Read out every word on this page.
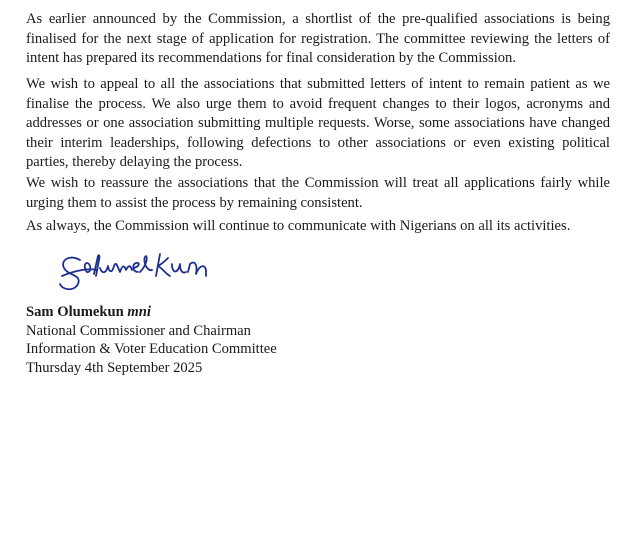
As earlier announced by the Commission, a shortlist of the pre-qualified associations is being finalised for the next stage of application for registration. The committee reviewing the letters of intent has prepared its recommendations for final consideration by the Commission.

We wish to appeal to all the associations that submitted letters of intent to remain patient as we finalise the process. We also urge them to avoid frequent changes to their logos, acronyms and addresses or one association submitting multiple requests. Worse, some associations have changed their interim leaderships, following defections to other associations or even existing political parties, thereby delaying the process.

We wish to reassure the associations that the Commission will treat all applications fairly while urging them to assist the process by remaining consistent.

As always, the Commission will continue to communicate with Nigerians on all its activities.

Sam Olumekun mni
National Commissioner and Chairman
Information & Voter Education Committee
Thursday 4th September 2025
